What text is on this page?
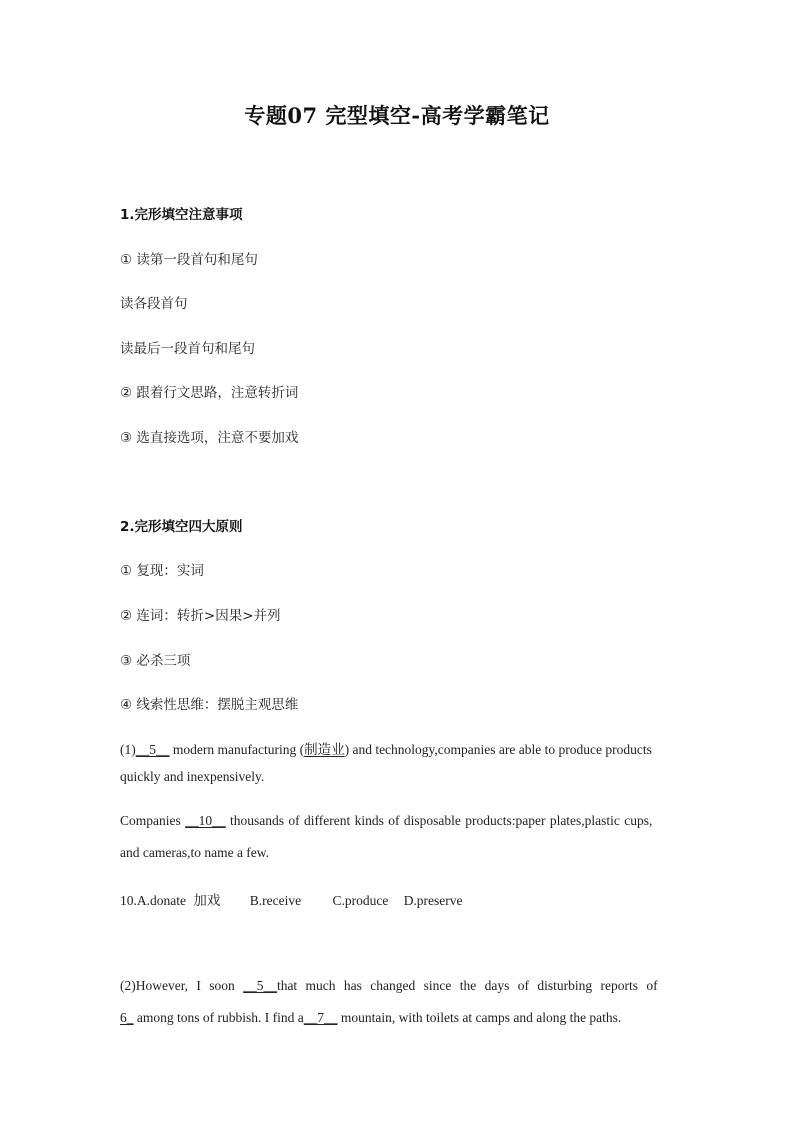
专题07 完型填空-高考学霸笔记
1.完形填空注意事项
① 读第一段首句和尾句
读各段首句
读最后一段首句和尾句
② 跟着行文思路，注意转折词
③ 选直接选项，注意不要加戏
2.完形填空四大原则
① 复现：实词
② 连词：转折>因果>并列
③ 必杀三项
④ 线索性思维：摆脱主观思维
(1)__5__ modern manufacturing (制造业) and technology,companies are able to produce products
quickly and inexpensively.
Companies __10__ thousands of different kinds of disposable products:paper plates,plastic cups,
and cameras,to name a few.
10.A.donate 加戏 B.receive C.produce D.preserve
(2)However, I soon __5__that much has changed since the days of disturbing reports of
6_ among tons of rubbish. I find a__7__ mountain, with toilets at camps and along the paths.
